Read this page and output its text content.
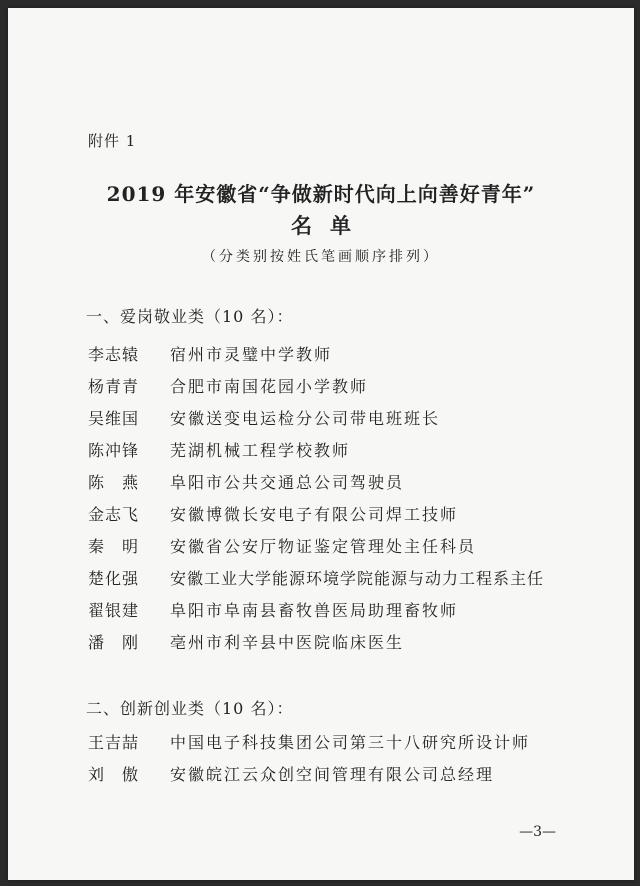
附件 1
2019 年安徽省“争做新时代向上向善好青年”
名单
（分类别按姓氏笔画顺序排列）
一、爱岗敬业类（10 名）：
李志辕 宿州市灵璧中学教师
杨青青 合肥市南国花园小学教师
吴维国 安徽送变电运检分公司带电班班长
陈冲锋 芜湖机械工程学校教师
陈　燕 阜阳市公共交通总公司驾驶员
金志飞 安徽博微长安电子有限公司焊工技师
秦　明 安徽省公安厅物证鉴定管理处主任科员
楚化强 安徽工业大学能源环境学院能源与动力工程系主任
翟银建 阜阳市阜南县畜牧兽医局助理畜牧师
潘　刚 亳州市利辛县中医院临床医生
二、创新创业类（10 名）：
王吉喆 中国电子科技集团公司第三十八研究所设计师
刘　傲 安徽皖江云众创空间管理有限公司总经理
—3—
